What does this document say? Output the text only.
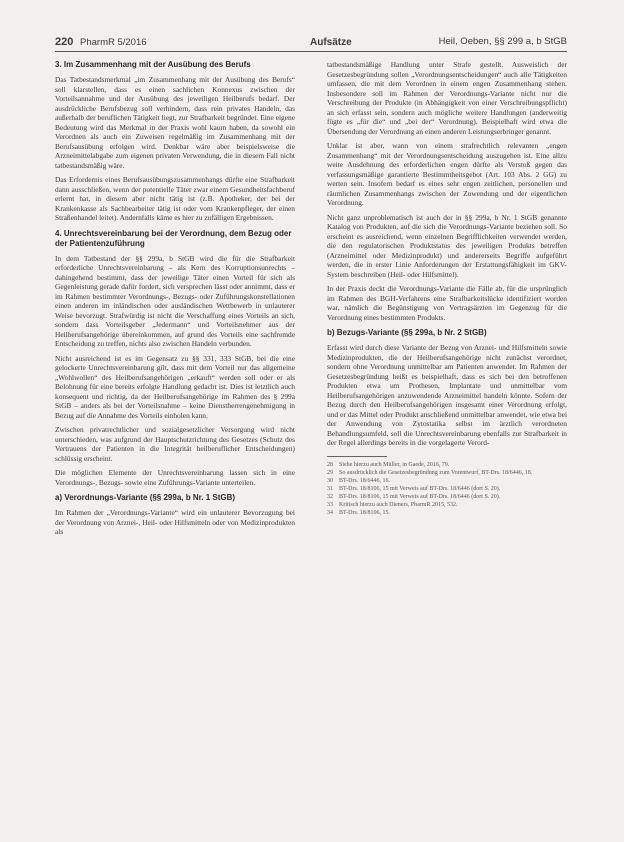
220 PharmR 5/2016	Aufsätze	Heil, Oeben, §§ 299 a, b StGB
3. Im Zusammenhang mit der Ausübung des Berufs

Das Tatbestandsmerkmal „im Zusammenhang mit der Ausübung des Berufs“ soll klarstellen, dass es einen sachlichen Konnexus zwischen der Vorteilsannahme und der Ausübung des jeweiligen Heilberufs bedarf. Der ausdrückliche Berufsbezug soll verhindern, dass rein privates Handeln, das außerhalb der beruflichen Tätigkeit liegt, zur Strafbarkeit begründet. Eine eigene Bedeutung wird das Merkmal in der Praxis wohl kaum haben, da sowohl ein Verordnen als auch ein Zuweisen regelmäßig im Zusammenhang mit der Berufsausübung erfolgen wird. Denkbar wäre aber beispielsweise die Arzneimittelabgabe zum eigenen privaten Verwendung, die in diesem Fall nicht tatbestandsmäßig wäre.

Das Erfordernis eines Berufsausübungszusammenhangs dürfte eine Strafbarkeit dann ausschließen, wenn der potentielle Täter zwar einem Gesundheitsfachberuf erlernt hat, in diesem aber nicht tätig ist (z.B. Apotheker, der bei der Krankenkasse als Sachbearbeiter tätig ist oder vom Krankenpfleger, der einen Straßenhandel leitet). Andernfalls käme es hier zu zufälligen Ergebnissen.

4. Unrechtsvereinbarung bei der Verordnung, dem Bezug oder der Patientenzuführung

In dem Tatbestand der §§ 299a, b StGB wird die für die Strafbarkeit erforderliche Unrechtsvereinbarung – als Kern des Korruptionsunrechts – dahingehend bestimmt, dass der jeweilige Täter einen Vorteil für sich als Gegenleistung gerade dafür fordert, sich versprechen lässt oder annimmt, dass er im Rahmen bestimmter Verordnungs-, Bezugs- oder Zuführungskonstellationen einen anderen im inländischen oder ausländischen Wettbewerb in unlauterer Weise bevorzugt. Strafwürdig ist nicht die Verschaffung eines Vorteils an sich, sondern dass Vorteilsgeber „Jedermann“ und Vorteilsnehmer aus der Heilberufsangehörige übereinkommen, auf grund des Vorteils eine sachfremde Entscheidung zu treffen, nichts also zwischen Handeln verbunden.

Nicht ausreichend ist es im Gegensatz zu §§ 331, 333 StGB, bei die eine gelockerte Unrechtsvereinbarung gilt, dass mit dem Vorteil nur das allgemeine „Wohlwollen“ des Heilberufsangehörigen „erkauft“ werden soll oder er als Belohnung für eine bereits erfolgte Handlung gedacht ist. Dies ist letztlich auch konsequent und richtig, da der Heilberufsangehörige im Rahmen des § 299a StGB – anders als bei der Vorteilsnahme – keine Dienstherrengenehmigung in Bezug auf die Annahme des Vorteils einholen kann.

Zwischen privatrechtlicher und sozialgesetzlicher Versorgung wird nicht unterschieden, was aufgrund der Hauptschutzrichtung des Gesetzes (Schutz des Vertrauens der Patienten in die Integrität heilberuflicher Entscheidungen) schlüssig erscheint.

Die möglichen Elemente der Unrechtsvereinbarung lassen sich in eine Verordnungs-, Bezugs- sowie eine Zuführungs-Variante unterteilen.

a) Verordnungs-Variante (§§ 299a, b Nr. 1 StGB)

Im Rahmen der „Verordnungs-Variante“ wird ein unlauterer Bevorzugung bei der Verordnung von Arznei-, Heil- oder Hilfsmitteln oder von Medizinprodukten als

tatbestandsmäßige Handlung unter Strafe gestellt. Ausweislich der Gesetzesbegründung sollen „Verordnungsentscheidungen“ auch alle Tätigkeiten umfassen, die mit dem Verordnen in einem engen Zusammenhang stehen. Insbesondere soll im Rahmen der Verordnungs-Variante nicht nur die Verschreibung der Produkte (in Abhängigkeit von einer Verschreibungspflicht) an sich erfasst sein, sondern auch mögliche weitere Handlungen (anderweitig fügte es „für die“ und „bei der“ Verordnung). Beispielhaft wird etwa die Übersendung der Verordnung an einen anderen Leistungserbringer genannt.

Unklar ist aber, wann von einem strafrechtlich relevanten „engen Zusammenhang“ mit der Verordnungsentscheidung auszugehen ist. Eine allzu weite Ausdehnung des erforderlichen engen dürfte als Verstoß gegen das verfassungsmäßige garantierte Bestimmtheitsgebot (Art. 103 Abs. 2 GG) zu werten sein. Insofern bedarf es eines sehr engen zeitlichen, personellen und räumlichen Zusammenhangs zwischen der Zuwendung und der eigentlichen Verordnung.

Nicht ganz unproblematisch ist auch der in §§ 299a, b Nr. 1 StGB genannte Katalog von Produkten, auf die sich die Verordnungs-Variante beziehen soll. So erscheint es ausreichend, wenn einzelnen Begrifflichkeiten verwendet werden, die den regulatorischen Produktstatus des jeweiligen Produkts betreffen (Arzneimittel oder Medizinprodukt) und andererseits Begriffe aufgeführt werden, die in erster Linie Anforderungen der Erstattungsfähigkeit im GKV-System beschreiben (Heil- oder Hilfsmittel).

In der Praxis deckt die Verordnungs-Variante die Fälle ab, für die ursprünglich im Rahmen des BGH-Verfahrens eine Strafbarkeitslücke identifiziert worden war, nämlich die Begünstigung von Vertragsärzten im Gegenzug für die Verordnung eines bestimmten Produkts.

b) Bezugs-Variante (§§ 299a, b Nr. 2 StGB)

Erfasst wird durch diese Variante der Bezug von Arznei- und Hilfsmitteln sowie Medizinprodukten, die der Heilberufsangehörige nicht zunächst verordnet, sondern ohne Verordnung unmittelbar am Patienten anwendet. Im Rahmen der Gesetzesbegründung heißt es beispielhaft, dass es sich bei den betroffenen Produkten etwa um Prothesen, Implantate und unmittelbar vom Heilberufsangehörigen anzuwendende Arzneimittel handeln könnte. Sofern der Bezug durch den Heilberufsangehörigen insgesamt einer Verordnung erfolgt, und er das Mittel oder Produkt anschließend unmittelbar anwendet, wie etwa bei der Anwendung von Zytostatika selbst im ärztlich verordneten Behandlungsumfeld, soll die Unrechtsvereinbarung ebenfalls zur Strafbarkeit in der Regel allerdings bereits in die vorgelagerte Verord-

28	Siehe hierzu auch Müller, in Gaede, 2016, 79.
29	So ausdrücklich die Gesetzesbegründung zum Vorentwurf, BT-Drs. 18/6446, 18.
30	BT-Drs. 18/6446, 16.
31	BT-Drs. 18/8106, 15 mit Verweis auf BT-Drs. 18/6446 (dort S. 20).
32	BT-Drs. 18/8106, 15 mit Verweis auf BT-Drs. 18/6446 (dort S. 20).
33	Kritisch hierzu auch Dieners, PharmR 2015, 532.
34	BT-Drs. 18/8106, 15.
